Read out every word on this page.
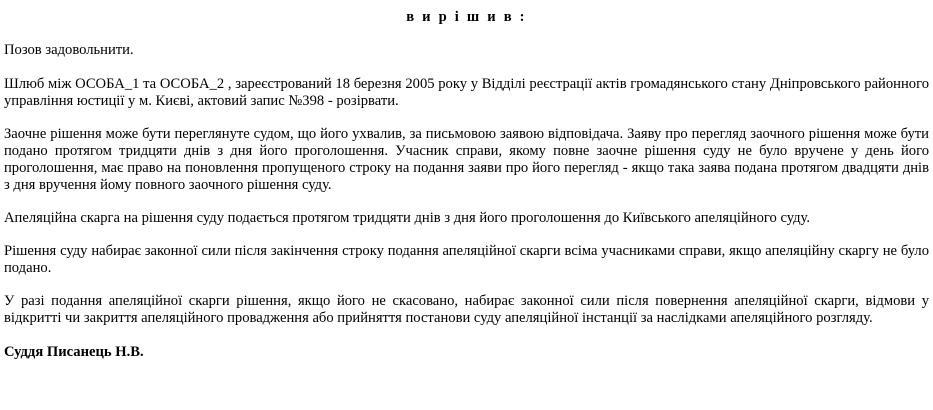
в и р і ш и в :

Позов задовольнити.

Шлюб між ОСОБА_1 та ОСОБА_2 , зареєстрований 18 березня 2005 року у Відділі реєстрації актів громадянського стану Дніпровського районного управління юстиції у м. Києві, актовий запис №398 - розірвати.

Заочне рішення може бути переглянуте судом, що його ухвалив, за письмовою заявою відповідача. Заяву про перегляд заочного рішення може бути подано протягом тридцяти днів з дня його проголошення. Учасник справи, якому повне заочне рішення суду не було вручене у день його проголошення, має право на поновлення пропущеного строку на подання заяви про його перегляд - якщо така заява подана протягом двадцяти днів з дня вручення йому повного заочного рішення суду.

Апеляційна скарга на рішення суду подається протягом тридцяти днів з дня його проголошення до Київського апеляційного суду.

Рішення суду набирає законної сили після закінчення строку подання апеляційної скарги всіма учасниками справи, якщо апеляційну скаргу не було подано.

У разі подання апеляційної скарги рішення, якщо його не скасовано, набирає законної сили після повернення апеляційної скарги, відмови у відкритті чи закриття апеляційного провадження або прийняття постанови суду апеляційної інстанції за наслідками апеляційного розгляду.

Суддя Писанець Н.В.
